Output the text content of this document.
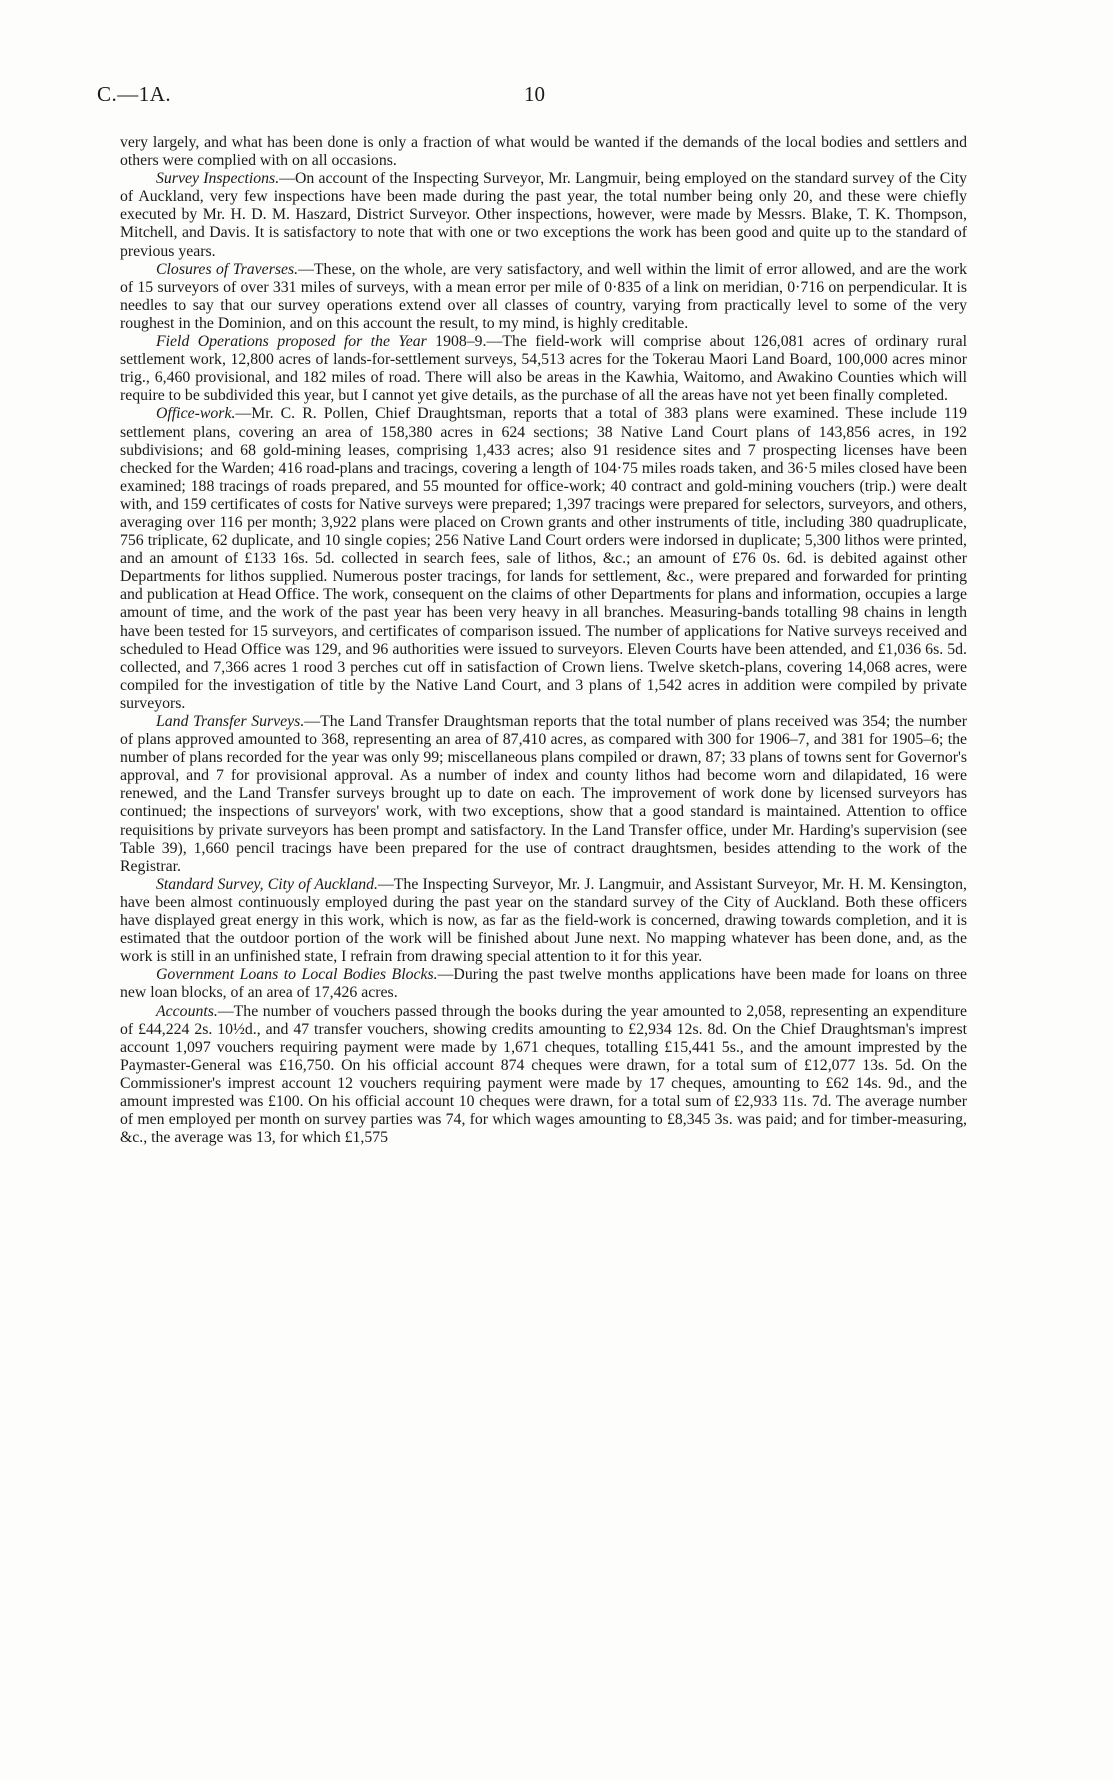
C.—1A.	10

very largely, and what has been done is only a fraction of what would be wanted if the demands of the local bodies and settlers and others were complied with on all occasions.

Survey Inspections.—On account of the Inspecting Surveyor, Mr. Langmuir, being employed on the standard survey of the City of Auckland, very few inspections have been made during the past year, the total number being only 20, and these were chiefly executed by Mr. H. D. M. Haszard, District Surveyor. Other inspections, however, were made by Messrs. Blake, T. K. Thompson, Mitchell, and Davis. It is satisfactory to note that with one or two exceptions the work has been good and quite up to the standard of previous years.

Closures of Traverses.—These, on the whole, are very satisfactory, and well within the limit of error allowed, and are the work of 15 surveyors of over 331 miles of surveys, with a mean error per mile of 0·835 of a link on meridian, 0·716 on perpendicular. It is needles to say that our survey operations extend over all classes of country, varying from practically level to some of the very roughest in the Dominion, and on this account the result, to my mind, is highly creditable.

Field Operations proposed for the Year 1908–9.—The field-work will comprise about 126,081 acres of ordinary rural settlement work, 12,800 acres of lands-for-settlement surveys, 54,513 acres for the Tokerau Maori Land Board, 100,000 acres minor trig., 6,460 provisional, and 182 miles of road. There will also be areas in the Kawhia, Waitomo, and Awakino Counties which will require to be subdivided this year, but I cannot yet give details, as the purchase of all the areas have not yet been finally completed.

Office-work.—Mr. C. R. Pollen, Chief Draughtsman, reports that a total of 383 plans were examined. These include 119 settlement plans, covering an area of 158,380 acres in 624 sections; 38 Native Land Court plans of 143,856 acres, in 192 subdivisions; and 68 gold-mining leases, comprising 1,433 acres; also 91 residence sites and 7 prospecting licenses have been checked for the Warden; 416 road-plans and tracings, covering a length of 104·75 miles roads taken, and 36·5 miles closed have been examined; 188 tracings of roads prepared, and 55 mounted for office-work; 40 contract and gold-mining vouchers (trip.) were dealt with, and 159 certificates of costs for Native surveys were prepared; 1,397 tracings were prepared for selectors, surveyors, and others, averaging over 116 per month; 3,922 plans were placed on Crown grants and other instruments of title, including 380 quadruplicate, 756 triplicate, 62 duplicate, and 10 single copies; 256 Native Land Court orders were indorsed in duplicate; 5,300 lithos were printed, and an amount of £133 16s. 5d. collected in search fees, sale of lithos, &c.; an amount of £76 0s. 6d. is debited against other Departments for lithos supplied. Numerous poster tracings, for lands for settlement, &c., were prepared and forwarded for printing and publication at Head Office. The work, consequent on the claims of other Departments for plans and information, occupies a large amount of time, and the work of the past year has been very heavy in all branches. Measuring-bands totalling 98 chains in length have been tested for 15 surveyors, and certificates of comparison issued. The number of applications for Native surveys received and scheduled to Head Office was 129, and 96 authorities were issued to surveyors. Eleven Courts have been attended, and £1,036 6s. 5d. collected, and 7,366 acres 1 rood 3 perches cut off in satisfaction of Crown liens. Twelve sketch-plans, covering 14,068 acres, were compiled for the investigation of title by the Native Land Court, and 3 plans of 1,542 acres in addition were compiled by private surveyors.

Land Transfer Surveys.—The Land Transfer Draughtsman reports that the total number of plans received was 354; the number of plans approved amounted to 368, representing an area of 87,410 acres, as compared with 300 for 1906–7, and 381 for 1905–6; the number of plans recorded for the year was only 99; miscellaneous plans compiled or drawn, 87; 33 plans of towns sent for Governor's approval, and 7 for provisional approval. As a number of index and county lithos had become worn and dilapidated, 16 were renewed, and the Land Transfer surveys brought up to date on each. The improvement of work done by licensed surveyors has continued; the inspections of surveyors' work, with two exceptions, show that a good standard is maintained. Attention to office requisitions by private surveyors has been prompt and satisfactory. In the Land Transfer office, under Mr. Harding's supervision (see Table 39), 1,660 pencil tracings have been prepared for the use of contract draughtsmen, besides attending to the work of the Registrar.

Standard Survey, City of Auckland.—The Inspecting Surveyor, Mr. J. Langmuir, and Assistant Surveyor, Mr. H. M. Kensington, have been almost continuously employed during the past year on the standard survey of the City of Auckland. Both these officers have displayed great energy in this work, which is now, as far as the field-work is concerned, drawing towards completion, and it is estimated that the outdoor portion of the work will be finished about June next. No mapping whatever has been done, and, as the work is still in an unfinished state, I refrain from drawing special attention to it for this year.

Government Loans to Local Bodies Blocks.—During the past twelve months applications have been made for loans on three new loan blocks, of an area of 17,426 acres.

Accounts.—The number of vouchers passed through the books during the year amounted to 2,058, representing an expenditure of £44,224 2s. 10½d., and 47 transfer vouchers, showing credits amounting to £2,934 12s. 8d. On the Chief Draughtsman's imprest account 1,097 vouchers requiring payment were made by 1,671 cheques, totalling £15,441 5s., and the amount imprested by the Paymaster-General was £16,750. On his official account 874 cheques were drawn, for a total sum of £12,077 13s. 5d. On the Commissioner's imprest account 12 vouchers requiring payment were made by 17 cheques, amounting to £62 14s. 9d., and the amount imprested was £100. On his official account 10 cheques were drawn, for a total sum of £2,933 11s. 7d. The average number of men employed per month on survey parties was 74, for which wages amounting to £8,345 3s. was paid; and for timber-measuring, &c., the average was 13, for which £1,575
